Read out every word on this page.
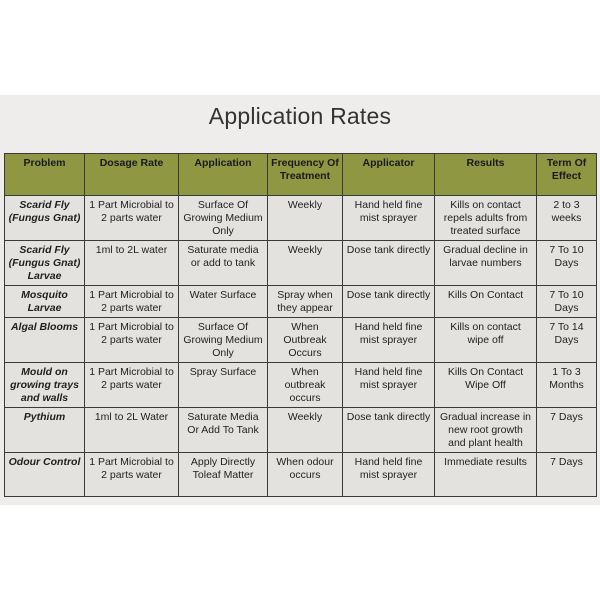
Application Rates
Problem	Dosage Rate	Application	Frequency Of Treatment	Applicator	Results	Term Of Effect
Scarid Fly (Fungus Gnat)	1 Part Microbial to 2 parts water	Surface Of Growing Medium Only	Weekly	Hand held fine mist sprayer	Kills on contact repels adults from treated surface	2 to 3 weeks
Scarid Fly (Fungus Gnat) Larvae	1ml to 2L water	Saturate media or add to tank	Weekly	Dose tank directly	Gradual decline in larvae numbers	7 To 10 Days
Mosquito Larvae	1 Part Microbial to 2 parts water	Water Surface	Spray when they appear	Dose tank directly	Kills On Contact	7 To 10 Days
Algal Blooms	1 Part Microbial to 2 parts water	Surface Of Growing Medium Only	When Outbreak Occurs	Hand held fine mist sprayer	Kills on contact wipe off	7 To 14 Days
Mould on growing trays and walls	1 Part Microbial to 2 parts water	Spray Surface	When outbreak occurs	Hand held fine mist sprayer	Kills On Contact Wipe Off	1 To 3 Months
Pythium	1ml to 2L Water	Saturate Media Or Add To Tank	Weekly	Dose tank directly	Gradual increase in new root growth and plant health	7 Days
Odour Control	1 Part Microbial to 2 parts water	Apply Directly Toleaf Matter	When odour occurs	Hand held fine mist sprayer	Immediate results	7 Days
